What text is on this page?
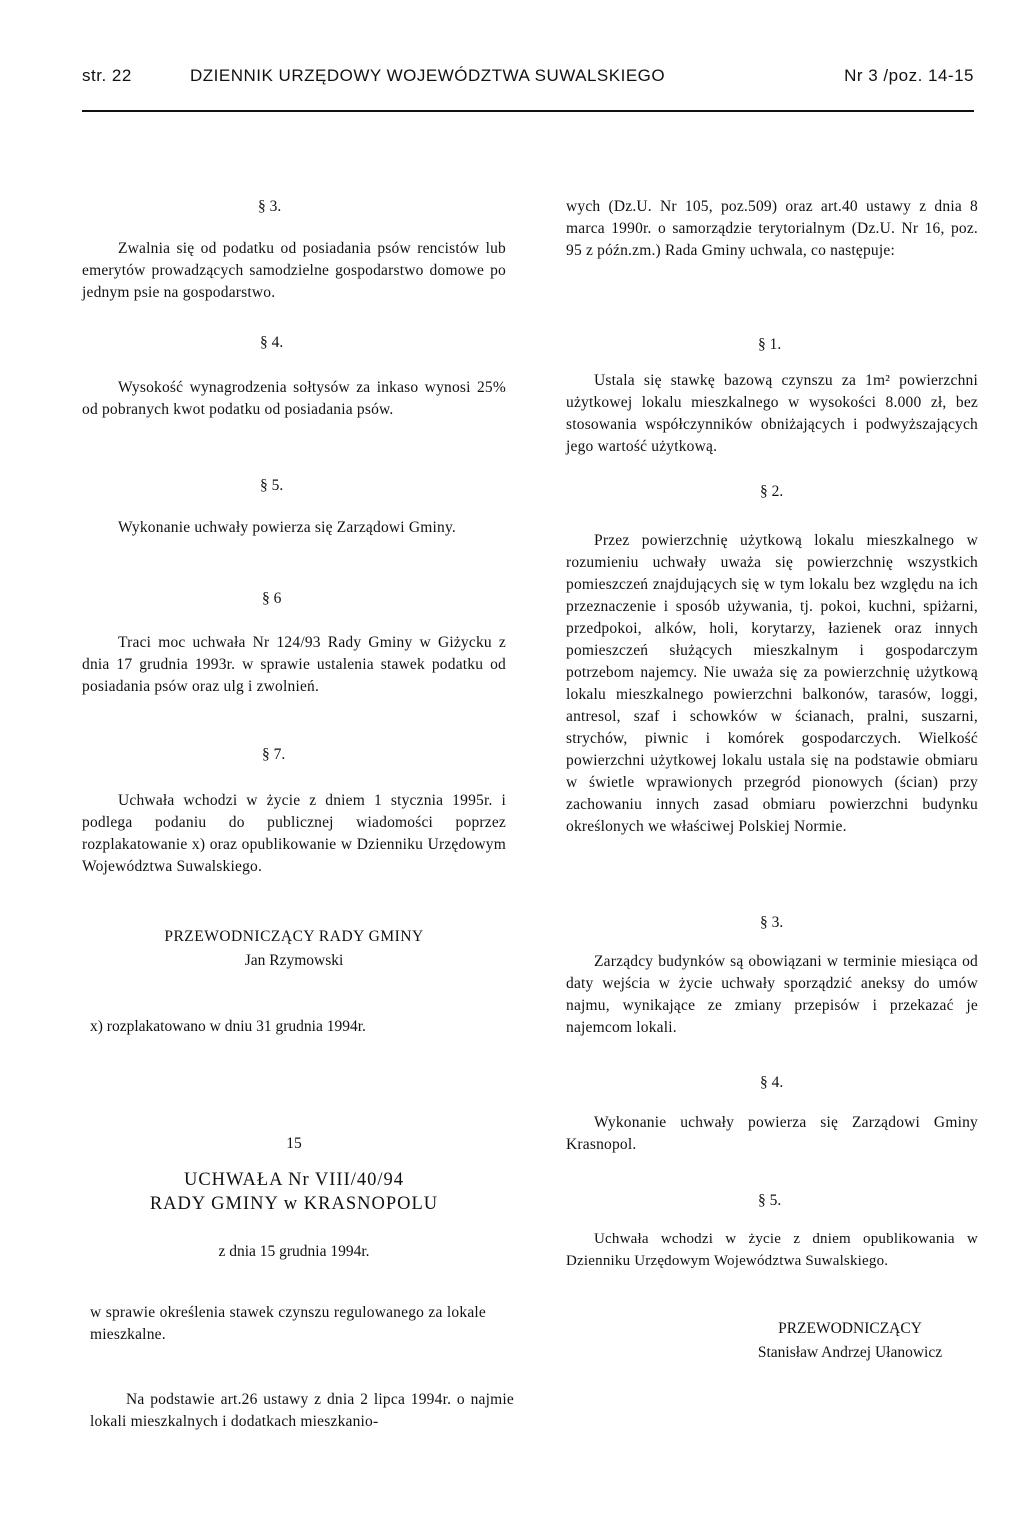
str. 22	DZIENNIK URZĘDOWY WOJEWÓDZTWA SUWALSKIEGO	Nr 3 /poz. 14-15
§ 3.

Zwalnia się od podatku od posiadania psów rencistów lub emerytów prowadzących samodzielne gospodarstwo domowe po jednym psie na gospodarstwo.

§ 4.

Wysokość wynagrodzenia sołtysów za inkaso wynosi 25% od pobranych kwot podatku od posiadania psów.

§ 5.

Wykonanie uchwały powierza się Zarządowi Gminy.

§ 6

Traci moc uchwała Nr 124/93 Rady Gminy w Giżycku z dnia 17 grudnia 1993r. w sprawie ustalenia stawek podatku od posiadania psów oraz ulg i zwolnień.

§ 7.

Uchwała wchodzi w życie z dniem 1 stycznia 1995r. i podlega podaniu do publicznej wiadomości poprzez rozplakatowanie x) oraz opublikowanie w Dzienniku Urzędowym Województwa Suwalskiego.

PRZEWODNICZĄCY RADY GMINY
Jan Rzymowski
x) rozplakatowano w dniu 31 grudnia 1994r.
15
UCHWAŁA Nr VIII/40/94
RADY GMINY w KRASNOPOLU
z dnia 15 grudnia 1994r.

w sprawie określenia stawek czynszu regulowanego za lokale mieszkalne.

Na podstawie art.26 ustawy z dnia 2 lipca 1994r. o najmie lokali mieszkalnych i dodatkach mieszkanio-

wych (Dz.U. Nr 105, poz.509) oraz art.40 ustawy z dnia 8 marca 1990r. o samorządzie terytorialnym (Dz.U. Nr 16, poz. 95 z późn.zm.) Rada Gminy uchwala, co następuje:

§ 1.

Ustala się stawkę bazową czynszu za 1m² powierzchni użytkowej lokalu mieszkalnego w wysokości 8.000 zł, bez stosowania współczynników obniżających i podwyższających jego wartość użytkową.

§ 2.

Przez powierzchnię użytkową lokalu mieszkalnego w rozumieniu uchwały uważa się powierzchnię wszystkich pomieszczeń znajdujących się w tym lokalu bez względu na ich przeznaczenie i sposób używania, tj. pokoi, kuchni, spiżarni, przedpokoi, alków, holi, korytarzy, łazienek oraz innych pomieszczeń służących mieszkalnym i gospodarczym potrzebom najemcy. Nie uważa się za powierzchnię użytkową lokalu mieszkalnego powierzchni balkonów, tarasów, loggi, antresol, szaf i schowków w ścianach, pralni, suszarni, strychów, piwnic i komórek gospodarczych. Wielkość powierzchni użytkowej lokalu ustala się na podstawie obmiaru w świetle wprawionych przegród pionowych (ścian) przy zachowaniu innych zasad obmiaru powierzchni budynku określonych we właściwej Polskiej Normie.

§ 3.

Zarządcy budynków są obowiązani w terminie miesiąca od daty wejścia w życie uchwały sporządzić aneksy do umów najmu, wynikające ze zmiany przepisów i przekazać je najemcom lokali.

§ 4.

Wykonanie uchwały powierza się Zarządowi Gminy Krasnopol.

§ 5.

Uchwała wchodzi w życie z dniem opublikowania w Dzienniku Urzędowym Województwa Suwalskiego.

PRZEWODNICZĄCY
Stanisław Andrzej Ułanowicz
